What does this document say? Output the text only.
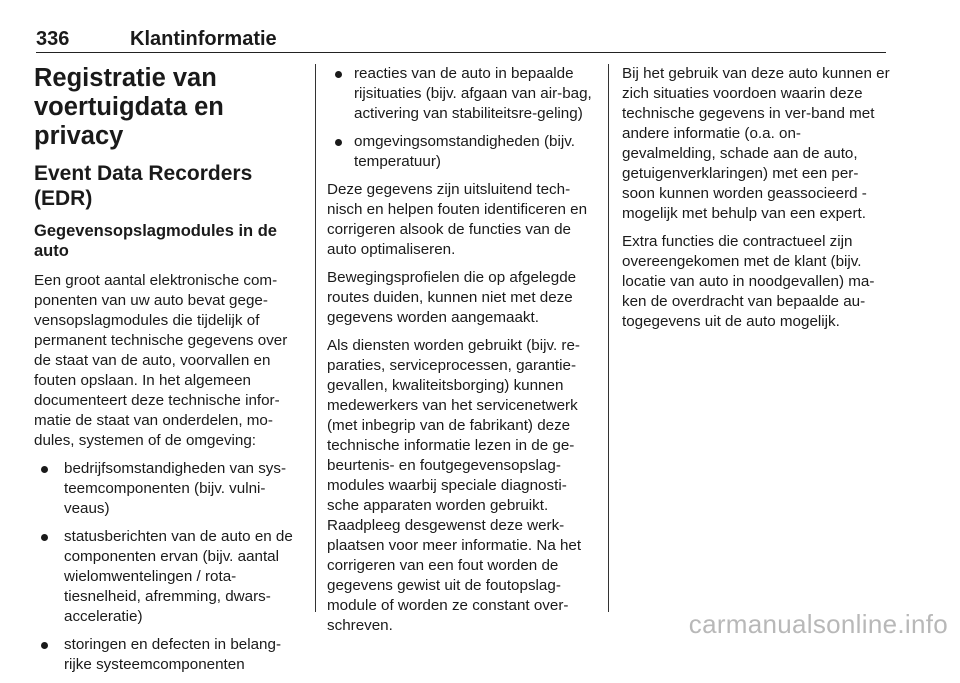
336	Klantinformatie
Registratie van voertuigdata en privacy
Event Data Recorders (EDR)
Gegevensopslagmodules in de auto

Een groot aantal elektronische com-ponenten van uw auto bevat gege-vensopslagmodules die tijdelijk of permanent technische gegevens over de staat van de auto, voorvallen en fouten opslaan. In het algemeen documenteert deze technische infor-matie de staat van onderdelen, mo-dules, systemen of de omgeving:

bedrijfsomstandigheden van sys-teemcomponenten (bijv. vulni-veaus)
statusberichten van de auto en de componenten ervan (bijv. aantal wielomwentelingen / rota-tiesnelheid, afremming, dwars-acceleratie)
storingen en defecten in belang-rijke systeemcomponenten
reacties van de auto in bepaalde rijsituaties (bijv. afgaan van air-bag, activering van stabiliteitsre-geling)
omgevingsomstandigheden (bijv. temperatuur)

Deze gegevens zijn uitsluitend tech-nisch en helpen fouten identificeren en corrigeren alsook de functies van de auto optimaliseren.

Bewegingsprofielen die op afgelegde routes duiden, kunnen niet met deze gegevens worden aangemaakt.

Als diensten worden gebruikt (bijv. re-paraties, serviceprocessen, garantie-gevallen, kwaliteitsborging) kunnen medewerkers van het servicenetwerk (met inbegrip van de fabrikant) deze technische informatie lezen in de ge-beurtenis- en foutgegevensopslag-modules waarbij speciale diagnosti-sche apparaten worden gebruikt. Raadpleeg desgewenst deze werk-plaatsen voor meer informatie. Na het corrigeren van een fout worden de gegevens gewist uit de foutopslag-module of worden ze constant over-schreven.

Bij het gebruik van deze auto kunnen er zich situaties voordoen waarin deze technische gegevens in ver-band met andere informatie (o.a. on-gevalmelding, schade aan de auto, getuigenverklaringen) met een per-soon kunnen worden geassocieerd - mogelijk met behulp van een expert.

Extra functies die contractueel zijn overeengekomen met de klant (bijv. locatie van auto in noodgevallen) ma-ken de overdracht van bepaalde au-togegevens uit de auto mogelijk.

carmanualsonline.info
